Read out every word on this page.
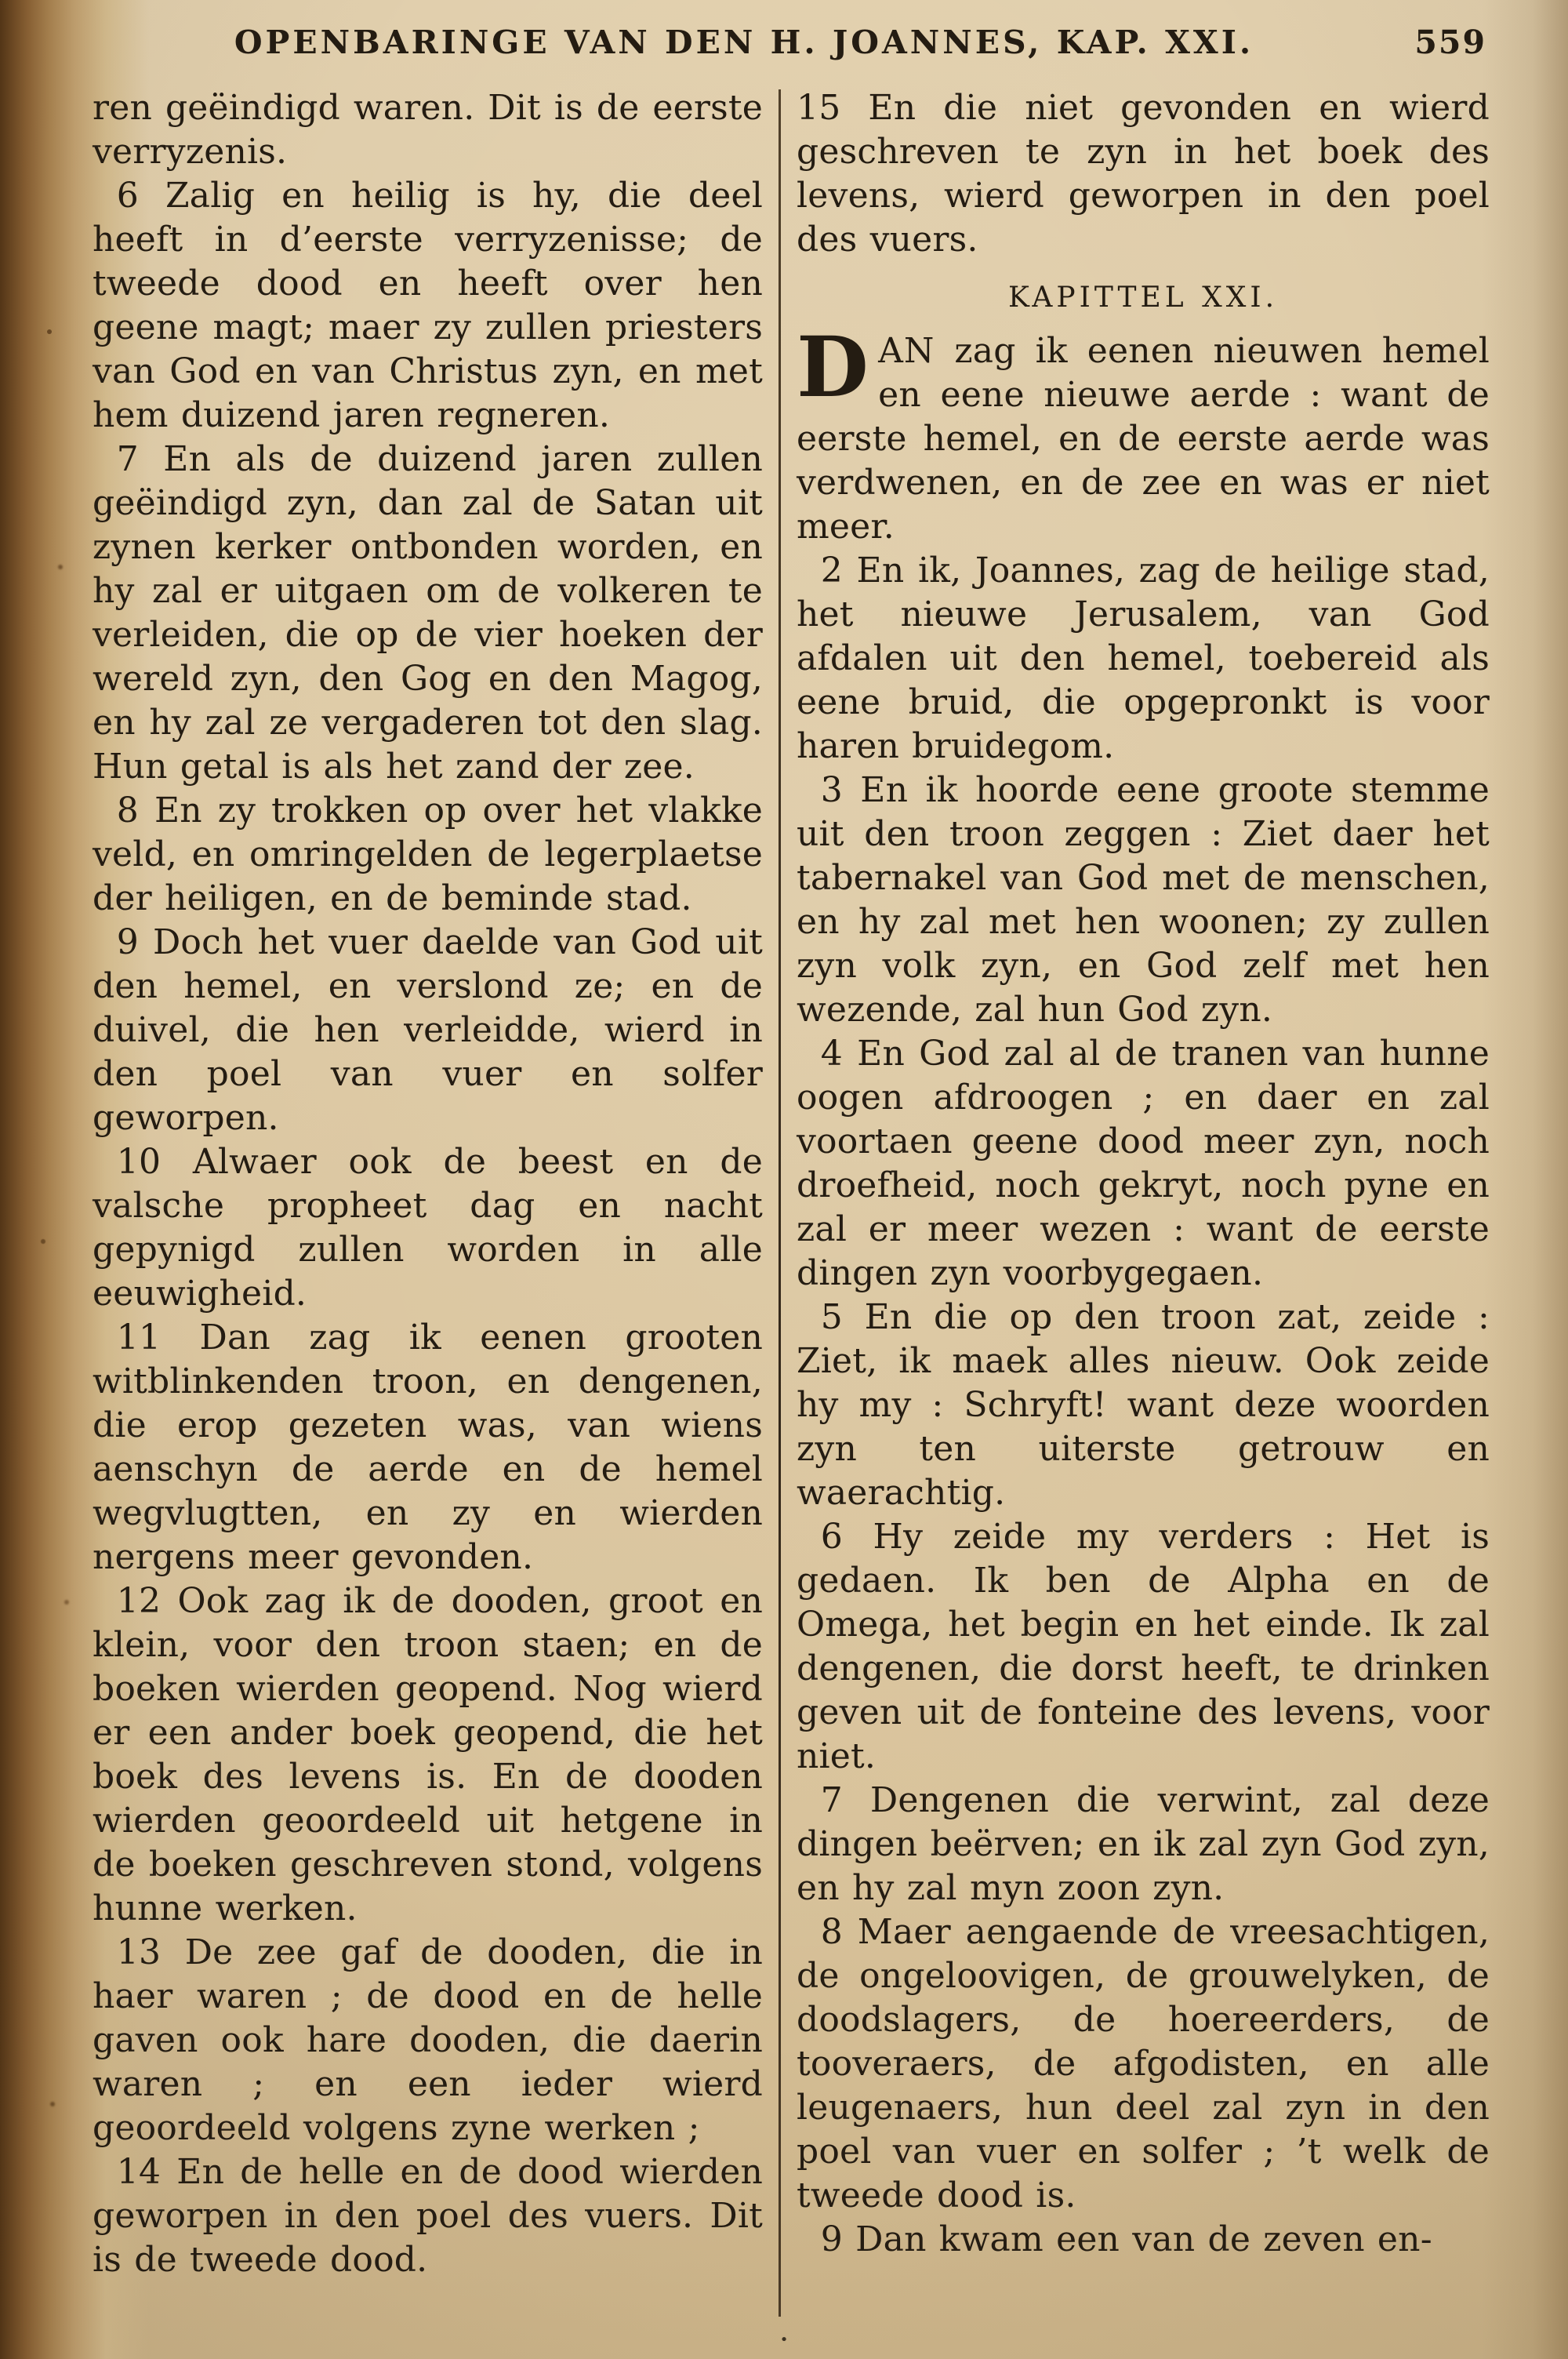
OPENBARINGE VAN DEN H. JOANNES, KAP. XXI.	559

ren geëindigd waren. Dit is de eerste verryzenis.

6 Zalig en heilig is hy, die deel heeft in d’eerste verryzenisse; de tweede dood en heeft over hen geene magt; maer zy zullen priesters van God en van Christus zyn, en met hem duizend jaren regneren.

7 En als de duizend jaren zullen geëindigd zyn, dan zal de Satan uit zynen kerker ontbonden worden, en hy zal er uitgaen om de volkeren te verleiden, die op de vier hoeken der wereld zyn, den Gog en den Magog, en hy zal ze vergaderen tot den slag. Hun getal is als het zand der zee.

8 En zy trokken op over het vlakke veld, en omringelden de legerplaetse der heiligen, en de beminde stad.

9 Doch het vuer daelde van God uit den hemel, en verslond ze; en de duivel, die hen verleidde, wierd in den poel van vuer en solfer geworpen.

10 Alwaer ook de beest en de valsche propheet dag en nacht gepynigd zullen worden in alle eeuwigheid.

11 Dan zag ik eenen grooten witblinkenden troon, en dengenen, die erop gezeten was, van wiens aenschyn de aerde en de hemel wegvlugtten, en zy en wierden nergens meer gevonden.

12 Ook zag ik de dooden, groot en klein, voor den troon staen; en de boeken wierden geopend. Nog wierd er een ander boek geopend, die het boek des levens is. En de dooden wierden geoordeeld uit hetgene in de boeken geschreven stond, volgens hunne werken.

13 De zee gaf de dooden, die in haer waren ; de dood en de helle gaven ook hare dooden, die daerin waren ; en een ieder wierd geoordeeld volgens zyne werken ;

14 En de helle en de dood wierden geworpen in den poel des vuers. Dit is de tweede dood.

15 En die niet gevonden en wierd geschreven te zyn in het boek des levens, wierd geworpen in den poel des vuers.

KAPITTEL XXI.

DAN zag ik eenen nieuwen hemel en eene nieuwe aerde : want de eerste hemel, en de eerste aerde was verdwenen, en de zee en was er niet meer.

2 En ik, Joannes, zag de heilige stad, het nieuwe Jerusalem, van God afdalen uit den hemel, toebereid als eene bruid, die opgepronkt is voor haren bruidegom.

3 En ik hoorde eene groote stemme uit den troon zeggen : Ziet daer het tabernakel van God met de menschen, en hy zal met hen woonen; zy zullen zyn volk zyn, en God zelf met hen wezende, zal hun God zyn.

4 En God zal al de tranen van hunne oogen afdroogen ; en daer en zal voortaen geene dood meer zyn, noch droefheid, noch gekryt, noch pyne en zal er meer wezen : want de eerste dingen zyn voorbygegaen.

5 En die op den troon zat, zeide : Ziet, ik maek alles nieuw. Ook zeide hy my : Schryft! want deze woorden zyn ten uiterste getrouw en waerachtig.

6 Hy zeide my verders : Het is gedaen. Ik ben de Alpha en de Omega, het begin en het einde. Ik zal dengenen, die dorst heeft, te drinken geven uit de fonteine des levens, voor niet.

7 Dengenen die verwint, zal deze dingen beërven; en ik zal zyn God zyn, en hy zal myn zoon zyn.

8 Maer aengaende de vreesachtigen, de ongeloovigen, de grouwelyken, de doodslagers, de hoereerders, de tooveraers, de afgodisten, en alle leugenaers, hun deel zal zyn in den poel van vuer en solfer ; ’t welk de tweede dood is.

9 Dan kwam een van de zeven en-

•
